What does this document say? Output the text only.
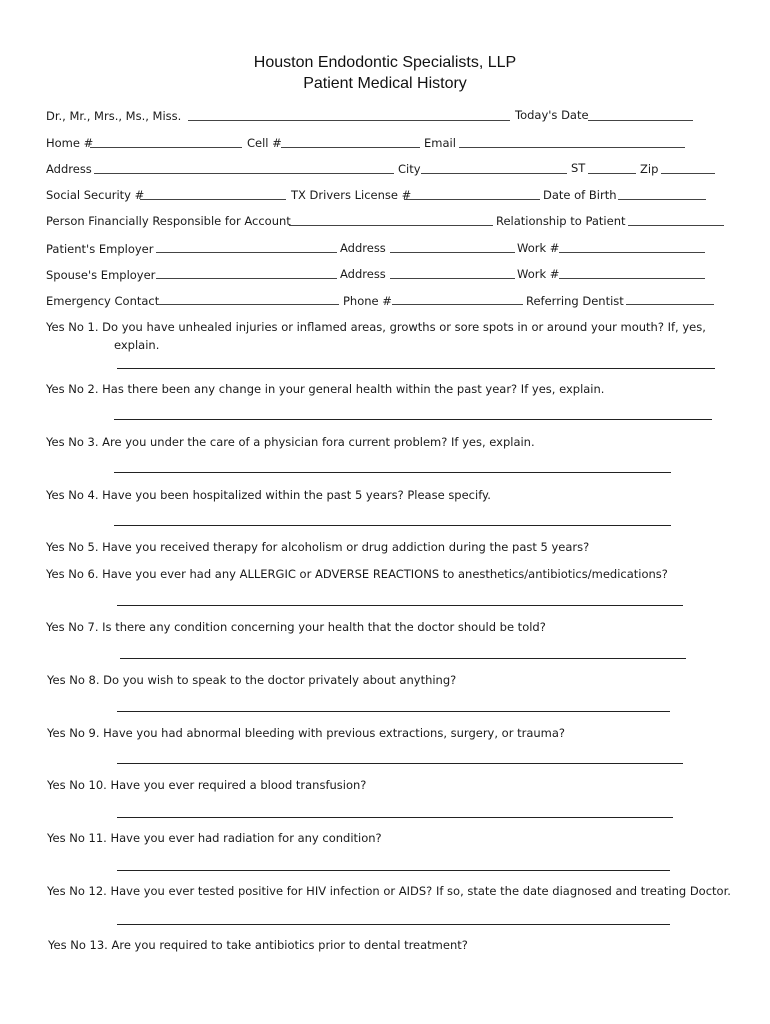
Houston Endodontic Specialists, LLP
Patient Medical History
Dr., Mr., Mrs., Ms., Miss.	Today's Date
Home #	Cell #	Email
Address	City	ST	Zip
Social Security #	TX Drivers License #	Date of Birth
Person Financially Responsible for Account	Relationship to Patient
Patient's Employer	Address	Work #
Spouse's Employer	Address	Work #
Emergency Contact	Phone #	Referring Dentist
Yes No 1. Do you have unhealed injuries or inflamed areas, growths or sore spots in or around your mouth? If, yes,
explain.
Yes No 2. Has there been any change in your general health within the past year? If yes, explain.
Yes No 3. Are you under the care of a physician fora current problem? If yes, explain.
Yes No 4. Have you been hospitalized within the past 5 years? Please specify.
Yes No 5. Have you received therapy for alcoholism or drug addiction during the past 5 years?
Yes No 6. Have you ever had any ALLERGIC or ADVERSE REACTIONS to anesthetics/antibiotics/medications?
Yes No 7. Is there any condition concerning your health that the doctor should be told?
Yes No 8. Do you wish to speak to the doctor privately about anything?
Yes No 9. Have you had abnormal bleeding with previous extractions, surgery, or trauma?
Yes No 10. Have you ever required a blood transfusion?
Yes No 11. Have you ever had radiation for any condition?
Yes No 12. Have you ever tested positive for HIV infection or AIDS? If so, state the date diagnosed and treating Doctor.
Yes No 13. Are you required to take antibiotics prior to dental treatment?
